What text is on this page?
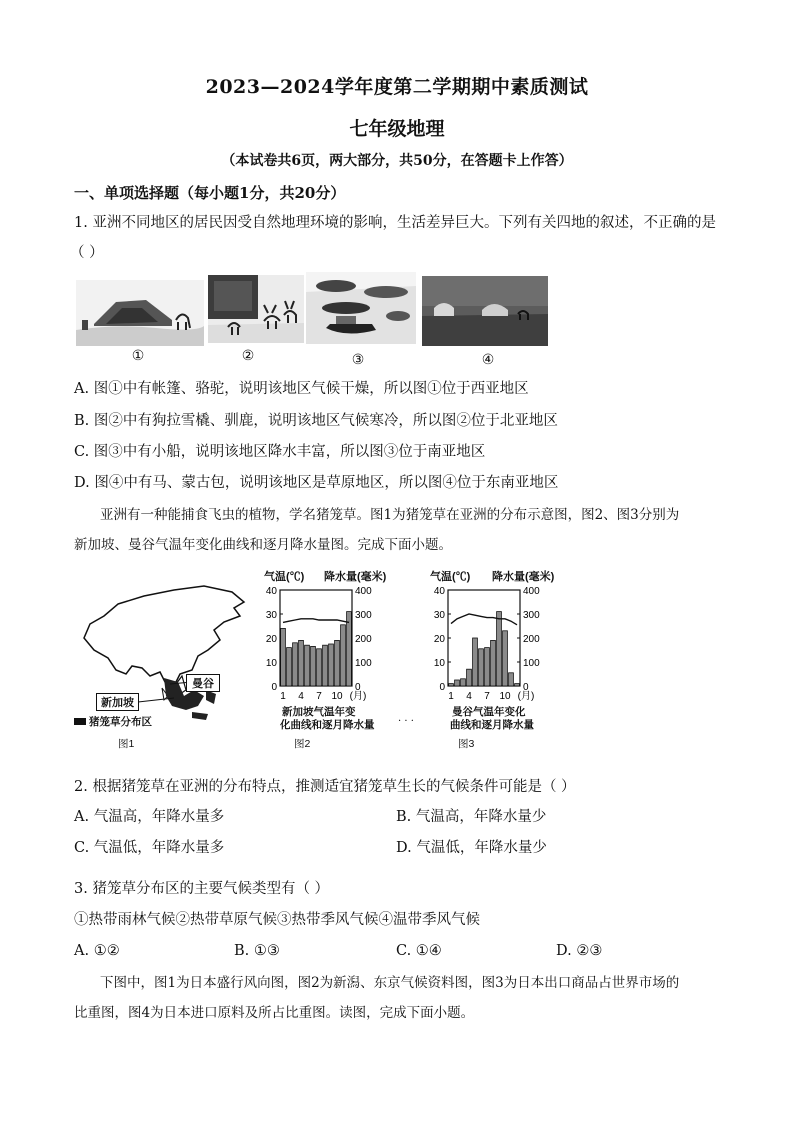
2023—2024学年度第二学期期中素质测试
七年级地理
（本试卷共6页，两大部分，共50分，在答题卡上作答）
一、单项选择题（每小题1分，共20分）
1. 亚洲不同地区的居民因受自然地理环境的影响，生活差异巨大。下列有关四地的叙述，不正确的是
（ ）
①	②	③	④
A. 图①中有帐篷、骆驼，说明该地区气候干燥，所以图①位于西亚地区
B. 图②中有狗拉雪橇、驯鹿，说明该地区气候寒冷，所以图②位于北亚地区
C. 图③中有小船，说明该地区降水丰富，所以图③位于南亚地区
D. 图④中有马、蒙古包，说明该地区是草原地区，所以图④位于东南亚地区
亚洲有一种能捕食飞虫的植物，学名猪笼草。图1为猪笼草在亚洲的分布示意图，图2、图3分别为
新加坡、曼谷气温年变化曲线和逐月降水量图。完成下面小题。
曼谷
新加坡
猪笼草分布区
图1
气温(℃) 降水量(毫米)
40	400
30	300
20	200
10	100
0	0
1 4 7 10 (月)
新加坡气温年变
化曲线和逐月降水量
图2
· · ·
气温(℃) 降水量(毫米)
40	400
30	300
20	200
10	100
0	0
1 4 7 10 (月)
曼谷气温年变化
曲线和逐月降水量
图3
2. 根据猪笼草在亚洲的分布特点，推测适宜猪笼草生长的气候条件可能是（ ）
A. 气温高，年降水量多	B. 气温高，年降水量少
C. 气温低，年降水量多	D. 气温低，年降水量少
3. 猪笼草分布区的主要气候类型有（ ）
①热带雨林气候②热带草原气候③热带季风气候④温带季风气候
A. ①②	B. ①③	C. ①④	D. ②③
下图中，图1为日本盛行风向图，图2为新潟、东京气候资料图，图3为日本出口商品占世界市场的
比重图，图4为日本进口原料及所占比重图。读图，完成下面小题。
